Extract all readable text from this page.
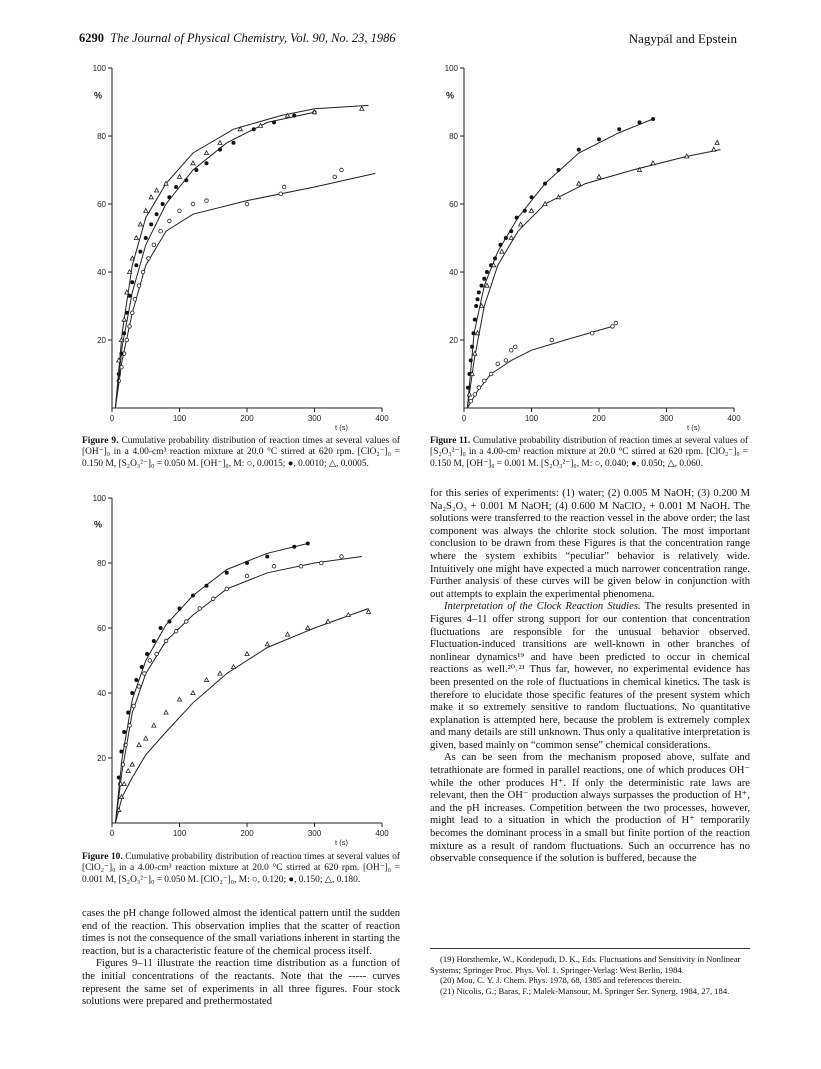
6290 The Journal of Physical Chemistry, Vol. 90, No. 23, 1986	Nagypál and Epstein
20
40
60
80
100
0	100	200	300	400
%
t (s)
Figure 9. Cumulative probability distribution of reaction times at several values of [OH⁻]₀ in a 4.00-cm³ reaction mixture at 20.0 °C stirred at 620 rpm. [ClO₂⁻]₀ = 0.150 M, [S₂O₃²⁻]₀ = 0.050 M. [OH⁻]₀, M: ○, 0.0015; ●, 0.0010; △, 0.0005.
20
40
60
80
100
0	100	200	300	400
%
t (s)
Figure 10. Cumulative probability distribution of reaction times at several values of [ClO₂⁻]₀ in a 4.00-cm³ reaction mixture at 20.0 °C stirred at 620 rpm. [OH⁻]₀ = 0.001 M, [S₂O₃²⁻]₀ = 0.050 M. [ClO₂⁻]₀, M: ○, 0.120; ●, 0.150; △, 0.180.
20
40
60
80
100
0	100	200	300	400
%
t (s)
Figure 11. Cumulative probability distribution of reaction times at several values of [S₂O₃²⁻]₀ in a 4.00-cm³ reaction mixture at 20.0 °C stirred at 620 rpm. [ClO₂⁻]₀ = 0.150 M, [OH⁻]₀ = 0.001 M. [S₂O₃²⁻]₀, M: ○, 0.040; ●, 0.050; △, 0.060.

cases the pH change followed almost the identical pattern until the sudden end of the reaction. This observation implies that the scatter of reaction times is not the consequence of the small variations inherent in starting the reaction, but is a characteristic feature of the chemical process itself.

Figures 9–11 illustrate the reaction time distribution as a function of the initial concentrations of the reactants. Note that the ----- curves represent the same set of experiments in all three figures. Four stock solutions were prepared and prethermostated

for this series of experiments: (1) water; (2) 0.005 M NaOH; (3) 0.200 M Na₂S₂O₃ + 0.001 M NaOH; (4) 0.600 M NaClO₂ + 0.001 M NaOH. The solutions were transferred to the reaction vessel in the above order; the last component was always the chlorite stock solution. The most important conclusion to be drawn from these Figures is that the concentration range where the system exhibits “peculiar” behavior is relatively wide. Intuitively one might have expected a much narrower concentration range. Further analysis of these curves will be given below in conjunction with out attempts to explain the experimental phenomena.

Interpretation of the Clock Reaction Studies. The results presented in Figures 4–11 offer strong support for our contention that concentration fluctuations are responsible for the unusual behavior observed. Fluctuation-induced transitions are well-known in other branches of nonlinear dynamics¹⁹ and have been predicted to occur in chemical reactions as well.²⁰˒²¹ Thus far, however, no experimental evidence has been presented on the role of fluctuations in chemical kinetics. The task is therefore to elucidate those specific features of the present system which make it so extremely sensitive to random fluctuations. No quantitative explanation is attempted here, because the problem is extremely complex and many details are still unknown. Thus only a qualitative interpretation is given, based mainly on “common sense” chemical considerations.

As can be seen from the mechanism proposed above, sulfate and tetrathionate are formed in parallel reactions, one of which produces OH⁻ while the other produces H⁺. If only the deterministic rate laws are relevant, then the OH⁻ production always surpasses the production of H⁺, and the pH increases. Competition between the two processes, however, might lead to a situation in which the production of H⁺ temporarily becomes the dominant process in a small but finite portion of the reaction mixture as a result of random fluctuations. Such an occurrence has no observable consequence if the solution is buffered, because the

(19) Horsthemke, W., Kondepudi, D. K., Eds. Fluctuations and Sensitivity in Nonlinear Systems; Springer Proc. Phys. Vol. 1. Springer-Verlag: West Berlin, 1984.
(20) Mou, C. Y. J. Chem. Phys. 1978, 68, 1385 and references therein.
(21) Nicolis, G.; Baras, F.; Malek-Mansour, M. Springer Ser. Synerg. 1984, 27, 184.
